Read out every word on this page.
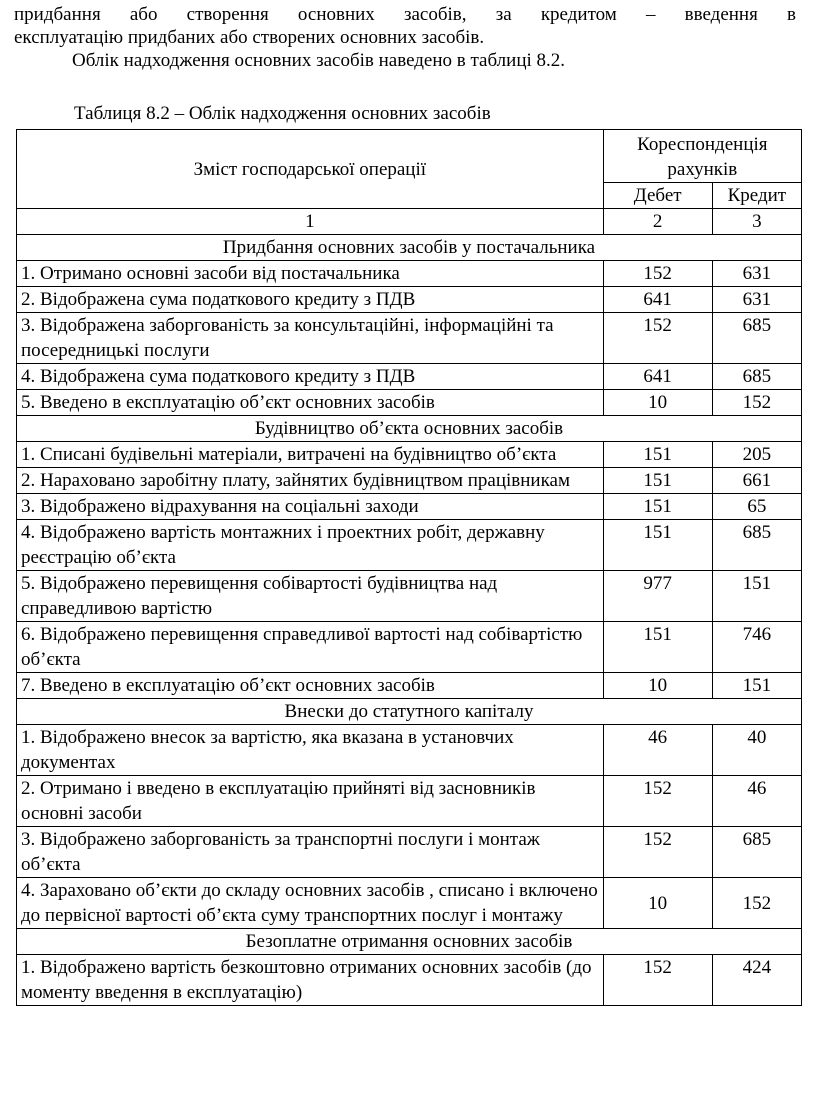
придбання або створення основних засобів, за кредитом – введення в

експлуатацію придбаних або створених основних засобів.

Облік надходження основних засобів наведено в таблиці 8.2.

Таблиця 8.2 – Облік надходження основних засобів

Зміст господарської операції	Кореспонденція рахунків	
	Дебет	Кредит
1	2	3
Придбання основних засобів у постачальника		
1. Отримано основні засоби від постачальника	152	631
2. Відображена сума податкового кредиту з ПДВ	641	631
3. Відображена заборгованість за консультаційні, інформаційні та посередницькі послуги	152	685
4. Відображена сума податкового кредиту з ПДВ	641	685
5. Введено в експлуатацію об’єкт основних засобів	10	152
Будівництво об’єкта основних засобів		
1. Списані будівельні матеріали, витрачені на будівництво об’єкта	151	205
2. Нараховано заробітну плату, зайнятих будівництвом працівникам	151	661
3. Відображено відрахування на соціальні заходи	151	65
4. Відображено вартість монтажних і проектних робіт, державну реєстрацію об’єкта	151	685
5. Відображено перевищення собівартості будівництва над справедливою вартістю	977	151
6. Відображено перевищення справедливої вартості над собівартістю об’єкта	151	746
7. Введено в експлуатацію об’єкт основних засобів	10	151
Внески до статутного капіталу		
1. Відображено внесок за вартістю, яка вказана в установчих документах	46	40
2. Отримано і введено в експлуатацію прийняті від засновників основні засоби	152	46
3. Відображено заборгованість за транспортні послуги і монтаж об’єкта	152	685
4. Зараховано об’єкти до складу основних засобів , списано і включено до первісної вартості об’єкта суму транспортних послуг і монтажу	10	152
Безоплатне отримання основних засобів		
1. Відображено вартість безкоштовно отриманих основних засобів (до моменту введення в експлуатацію)	152	424
